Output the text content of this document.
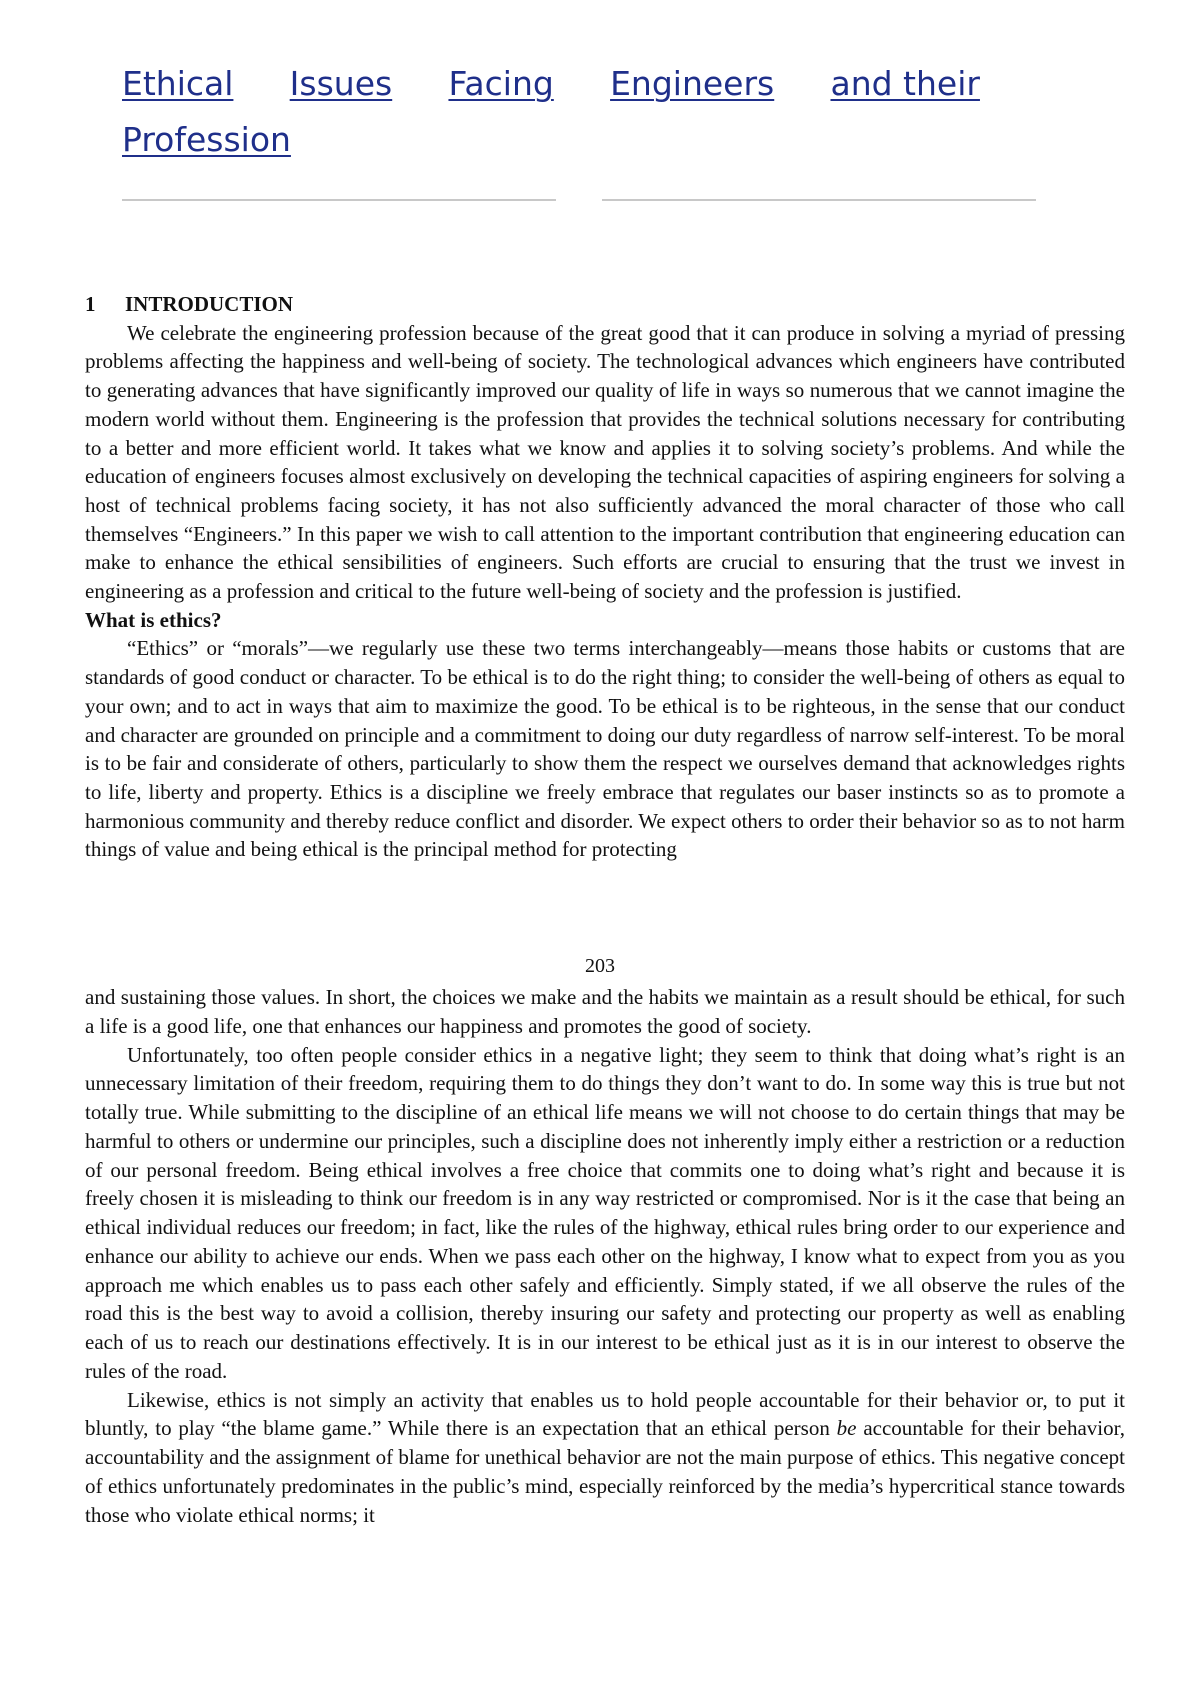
Ethical Issues Facing Engineers and their
Profession

1 INTRODUCTION

We celebrate the engineering profession because of the great good that it can produce in solving a myriad of pressing problems affecting the happiness and well-being of society. The technological advances which engineers have contributed to generating advances that have significantly improved our quality of life in ways so numerous that we cannot imagine the modern world without them. Engineering is the profession that provides the technical solutions necessary for contributing to a better and more efficient world. It takes what we know and applies it to solving society’s problems. And while the education of engineers focuses almost exclusively on developing the technical capacities of aspiring engineers for solving a host of technical problems facing society, it has not also sufficiently advanced the moral character of those who call themselves “Engineers.” In this paper we wish to call attention to the important contribution that engineering education can make to enhance the ethical sensibilities of engineers. Such efforts are crucial to ensuring that the trust we invest in engineering as a profession and critical to the future well-being of society and the profession is justified.

What is ethics?

“Ethics” or “morals”—we regularly use these two terms interchangeably—means those habits or customs that are standards of good conduct or character. To be ethical is to do the right thing; to consider the well-being of others as equal to your own; and to act in ways that aim to maximize the good. To be ethical is to be righteous, in the sense that our conduct and character are grounded on principle and a commitment to doing our duty regardless of narrow self-interest. To be moral is to be fair and considerate of others, particularly to show them the respect we ourselves demand that acknowledges rights to life, liberty and property. Ethics is a discipline we freely embrace that regulates our baser instincts so as to promote a harmonious community and thereby reduce conflict and disorder. We expect others to order their behavior so as to not harm things of value and being ethical is the principal method for protecting

203

and sustaining those values. In short, the choices we make and the habits we maintain as a result should be ethical, for such a life is a good life, one that enhances our happiness and promotes the good of society.

Unfortunately, too often people consider ethics in a negative light; they seem to think that doing what’s right is an unnecessary limitation of their freedom, requiring them to do things they don’t want to do. In some way this is true but not totally true. While submitting to the discipline of an ethical life means we will not choose to do certain things that may be harmful to others or undermine our principles, such a discipline does not inherently imply either a restriction or a reduction of our personal freedom. Being ethical involves a free choice that commits one to doing what’s right and because it is freely chosen it is misleading to think our freedom is in any way restricted or compromised. Nor is it the case that being an ethical individual reduces our freedom; in fact, like the rules of the highway, ethical rules bring order to our experience and enhance our ability to achieve our ends. When we pass each other on the highway, I know what to expect from you as you approach me which enables us to pass each other safely and efficiently. Simply stated, if we all observe the rules of the road this is the best way to avoid a collision, thereby insuring our safety and protecting our property as well as enabling each of us to reach our destinations effectively. It is in our interest to be ethical just as it is in our interest to observe the rules of the road.

Likewise, ethics is not simply an activity that enables us to hold people accountable for their behavior or, to put it bluntly, to play “the blame game.” While there is an expectation that an ethical person be accountable for their behavior, accountability and the assignment of blame for unethical behavior are not the main purpose of ethics. This negative concept of ethics unfortunately predominates in the public’s mind, especially reinforced by the media’s hypercritical stance towards those who violate ethical norms; it
